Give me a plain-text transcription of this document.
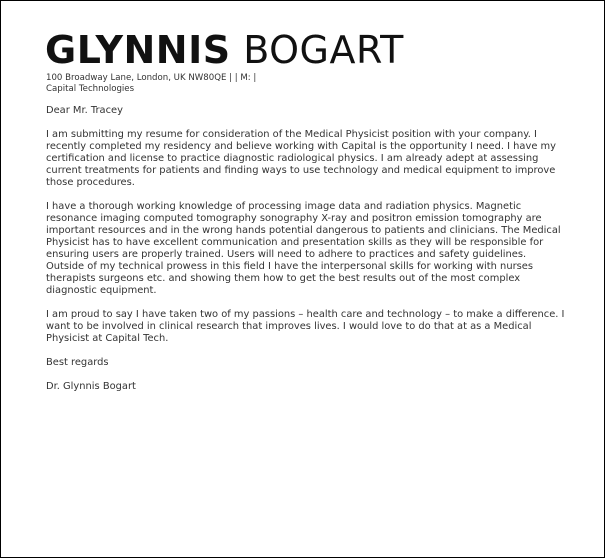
GLYNNIS BOGART
100 Broadway Lane, London, UK NW80QE | | M: |
Capital Technologies

Dear Mr. Tracey

I am submitting my resume for consideration of the Medical Physicist position with your company. I recently completed my residency and believe working with Capital is the opportunity I need. I have my certification and license to practice diagnostic radiological physics. I am already adept at assessing current treatments for patients and finding ways to use technology and medical equipment to improve those procedures.

I have a thorough working knowledge of processing image data and radiation physics. Magnetic resonance imaging computed tomography sonography X-ray and positron emission tomography are important resources and in the wrong hands potential dangerous to patients and clinicians. The Medical Physicist has to have excellent communication and presentation skills as they will be responsible for ensuring users are properly trained. Users will need to adhere to practices and safety guidelines. Outside of my technical prowess in this field I have the interpersonal skills for working with nurses therapists surgeons etc. and showing them how to get the best results out of the most complex diagnostic equipment.

I am proud to say I have taken two of my passions – health care and technology – to make a difference. I want to be involved in clinical research that improves lives. I would love to do that at as a Medical Physicist at Capital Tech.

Best regards

Dr. Glynnis Bogart
